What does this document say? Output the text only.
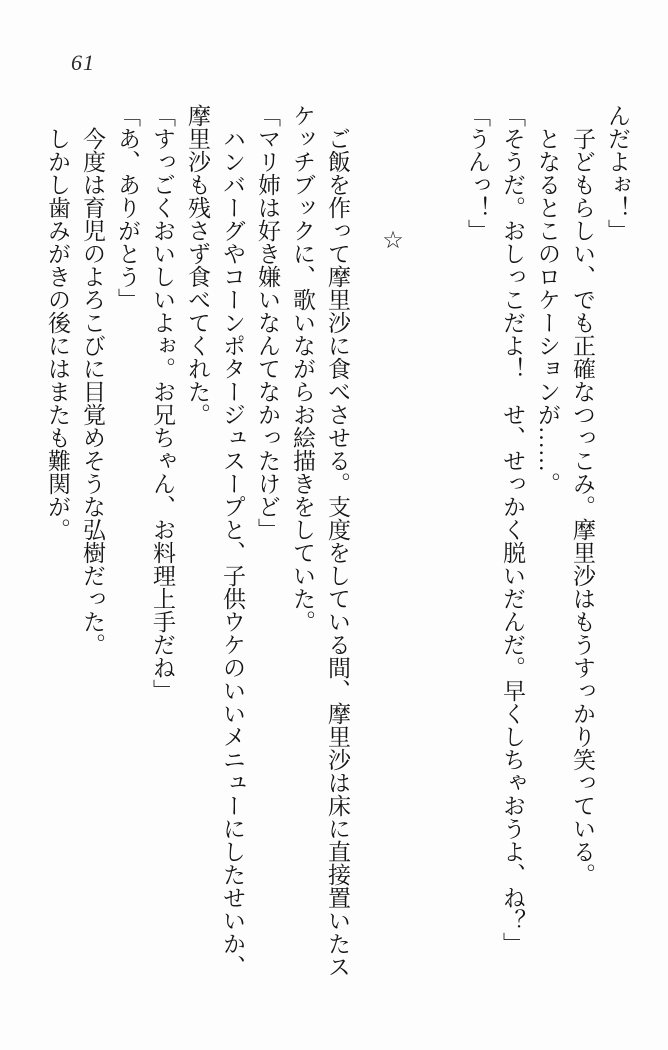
61
んだよぉ！」
　子どもらしい、でも正確なつっこみ。摩里沙はもうすっかり笑っている。
　となるとこのロケーションが……。
「そうだ。おしっこだよ！　せ、せっかく脱いだんだ。早くしちゃおうよ、ね？」
「うんっ！」
☆
　ご飯を作って摩里沙に食べさせる。支度をしている間、摩里沙は床に直接置いたス
ケッチブックに、歌いながらお絵描きをしていた。
「マリ姉は好き嫌いなんてなかったけど」
　ハンバーグやコーンポタージュスープと、子供ウケのいいメニューにしたせいか、
摩里沙も残さず食べてくれた。
「すっごくおいしいよぉ。お兄ちゃん、お料理上手だね」
「あ、ありがとう」
　今度は育児のよろこびに目覚めそうな弘樹だった。
　しかし歯みがきの後にはまたも難関が。
